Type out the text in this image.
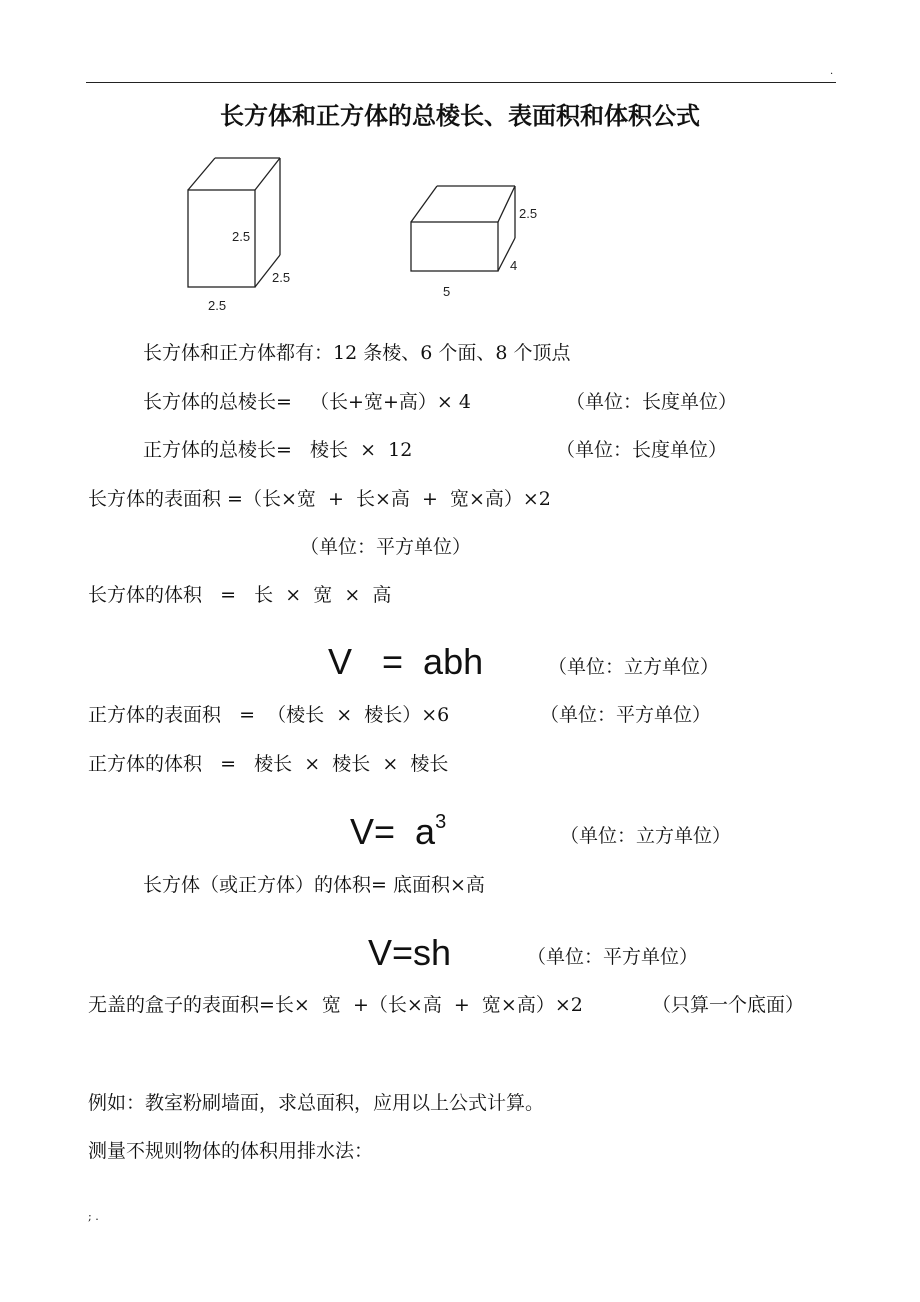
.
长方体和正方体的总棱长、表面积和体积公式
2.5
2.5
2.5
2.5
4
5
长方体和正方体都有：12 条棱、6 个面、8 个顶点
长方体的总棱长=   （长+宽+高）× 4	（单位：长度单位）
正方体的总棱长=   棱长  ×  12	（单位：长度单位）
长方体的表面积 =（长×宽  +  长×高  +  宽×高）×2
（单位：平方单位）
长方体的体积   =   长  ×  宽  ×  高
V   =  abh	（单位：立方单位）
正方体的表面积   =  （棱长  ×  棱长）×6	（单位：平方单位）
正方体的体积   =   棱长  ×  棱长  ×  棱长
$V= a^3$
（单位：立方单位）
长方体（或正方体）的体积= 底面积×高
V=sh	（单位：平方单位）
无盖的盒子的表面积=长×  宽  +（长×高  +  宽×高）×2	（只算一个底面）
例如：教室粉刷墙面，求总面积，应用以上公式计算。
测量不规则物体的体积用排水法：
; .
